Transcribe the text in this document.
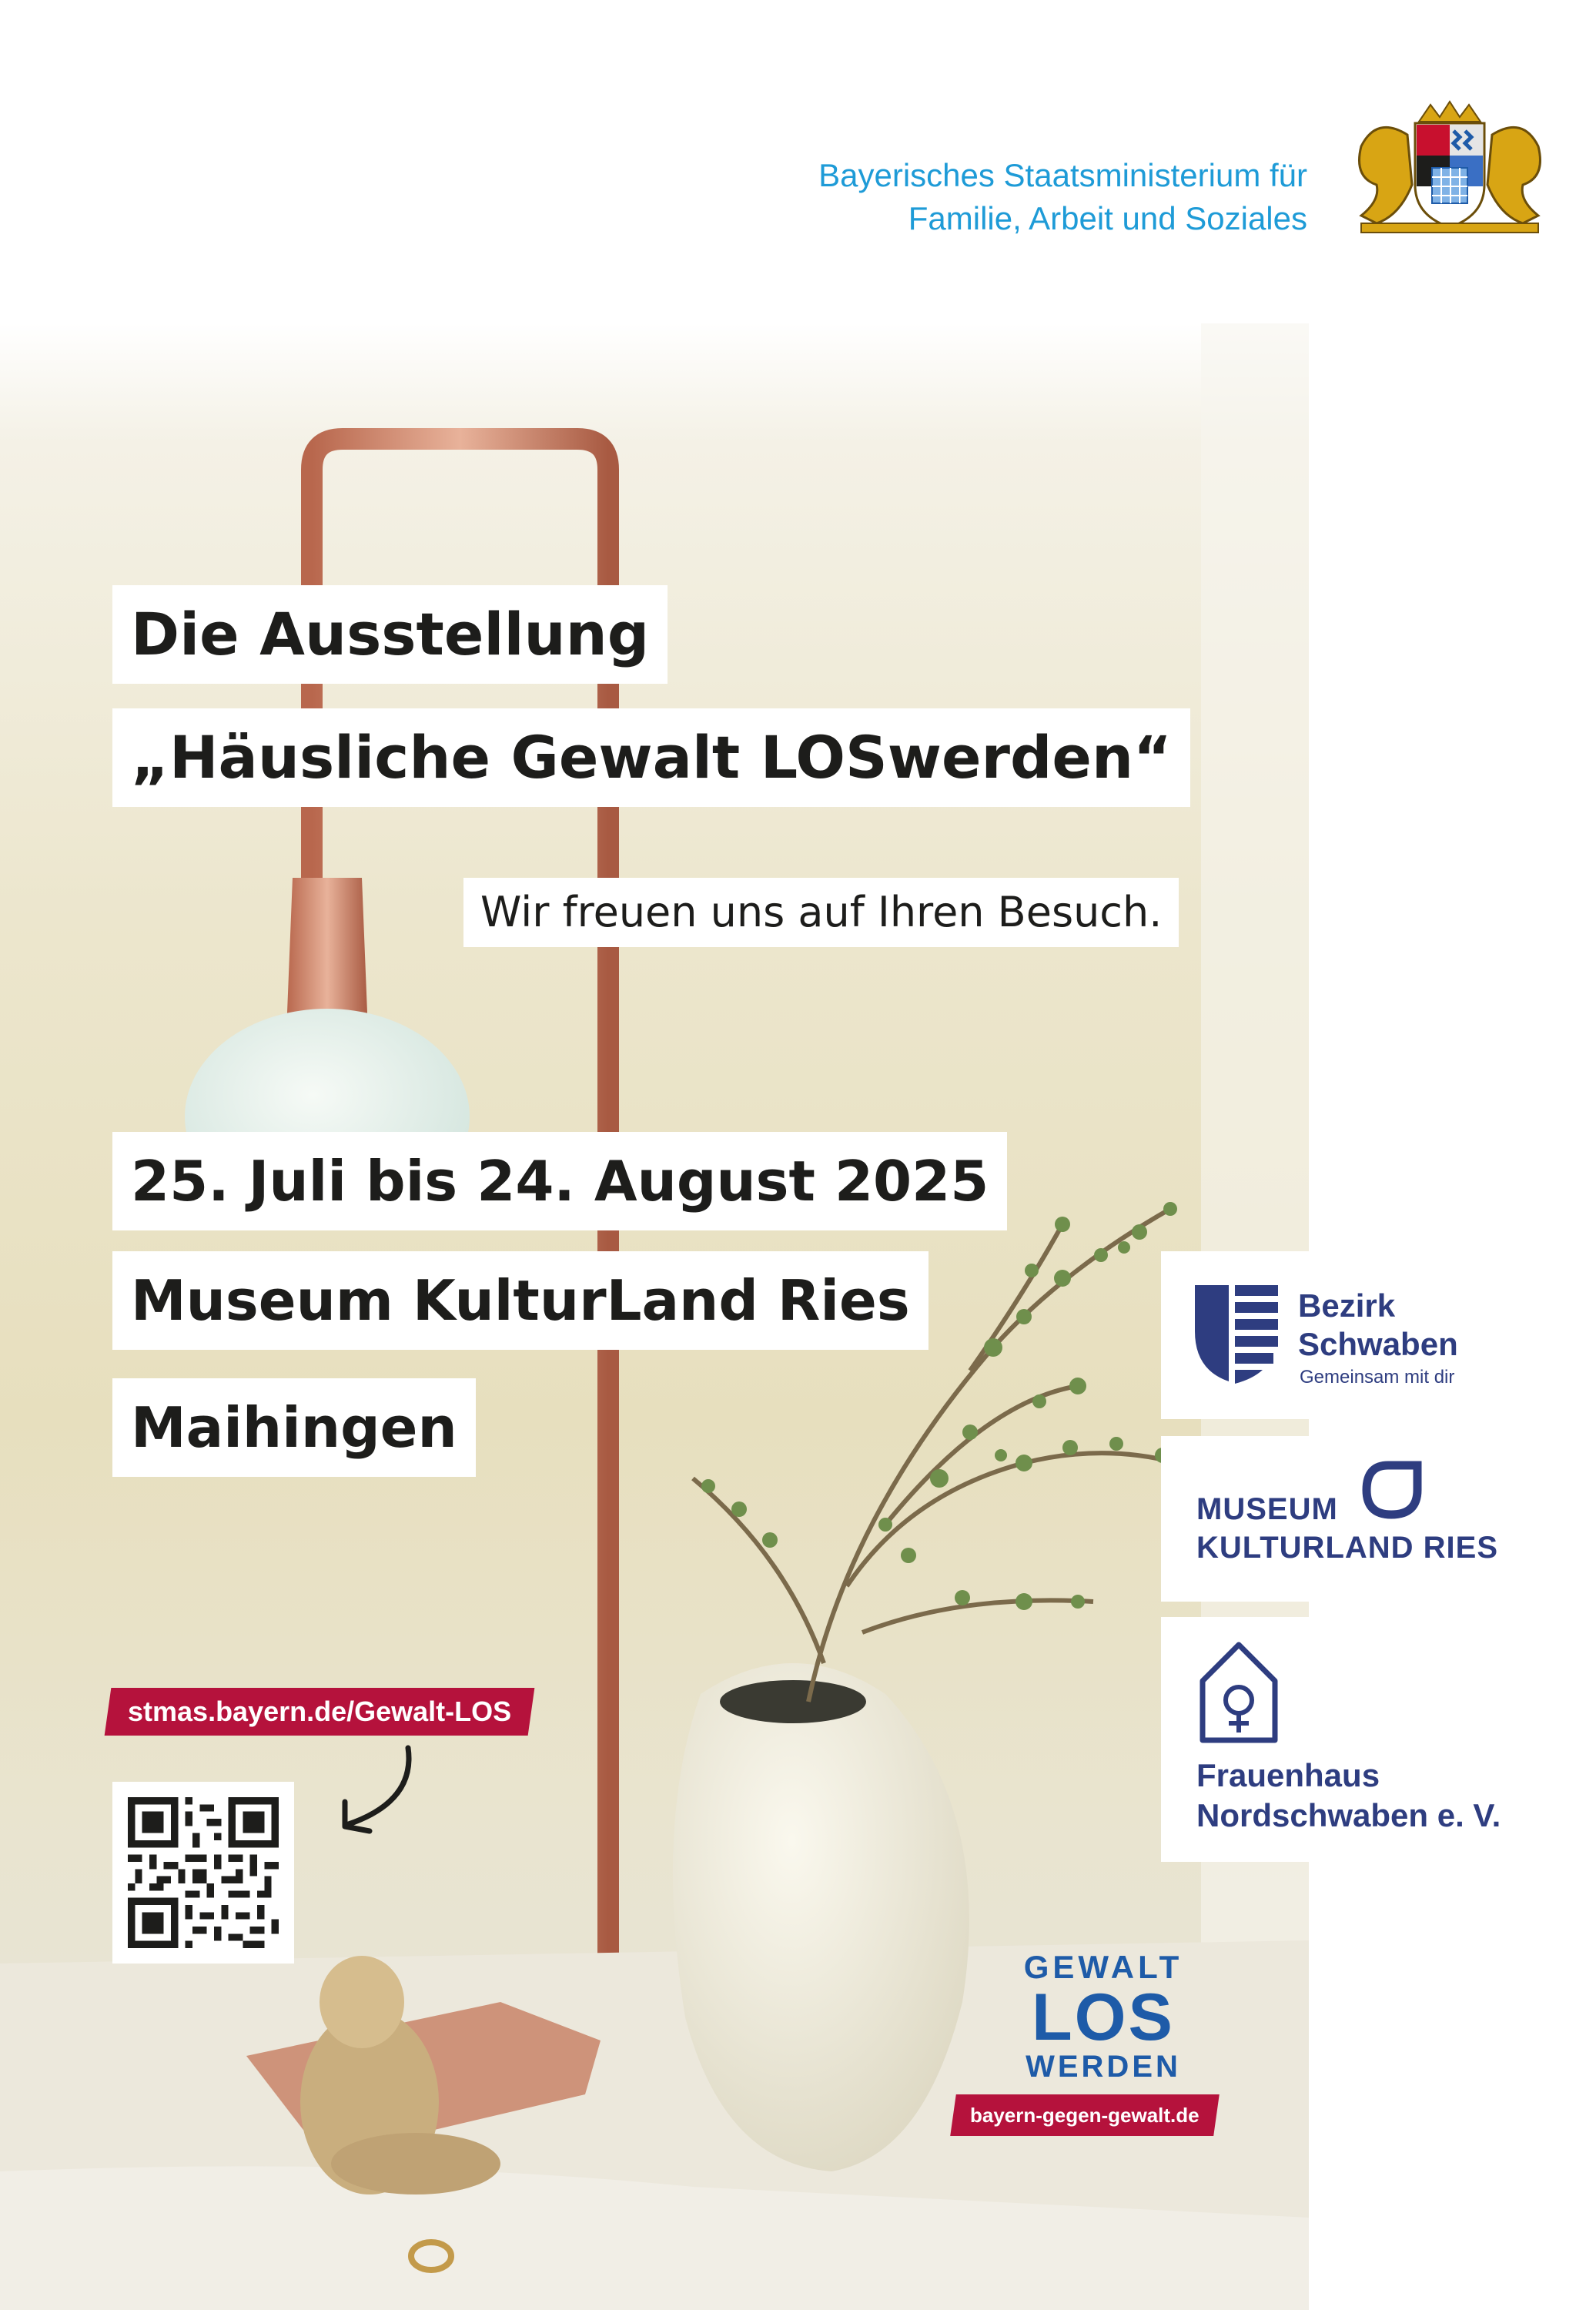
Bayerisches Staatsministerium für
Familie, Arbeit und Soziales
Die Ausstellung
„Häusliche Gewalt LOSwerden“
Wir freuen uns auf Ihren Besuch.
25. Juli bis 24. August 2025
Museum KulturLand Ries
Maihingen
stmas.bayern.de/Gewalt-LOS
Bezirk
Schwaben
Gemeinsam mit dir
MUSEUM
KULTURLAND RIES
Frauenhaus
Nordschwaben e. V.
GEWALT
LOS
WERDEN
bayern-gegen-gewalt.de
